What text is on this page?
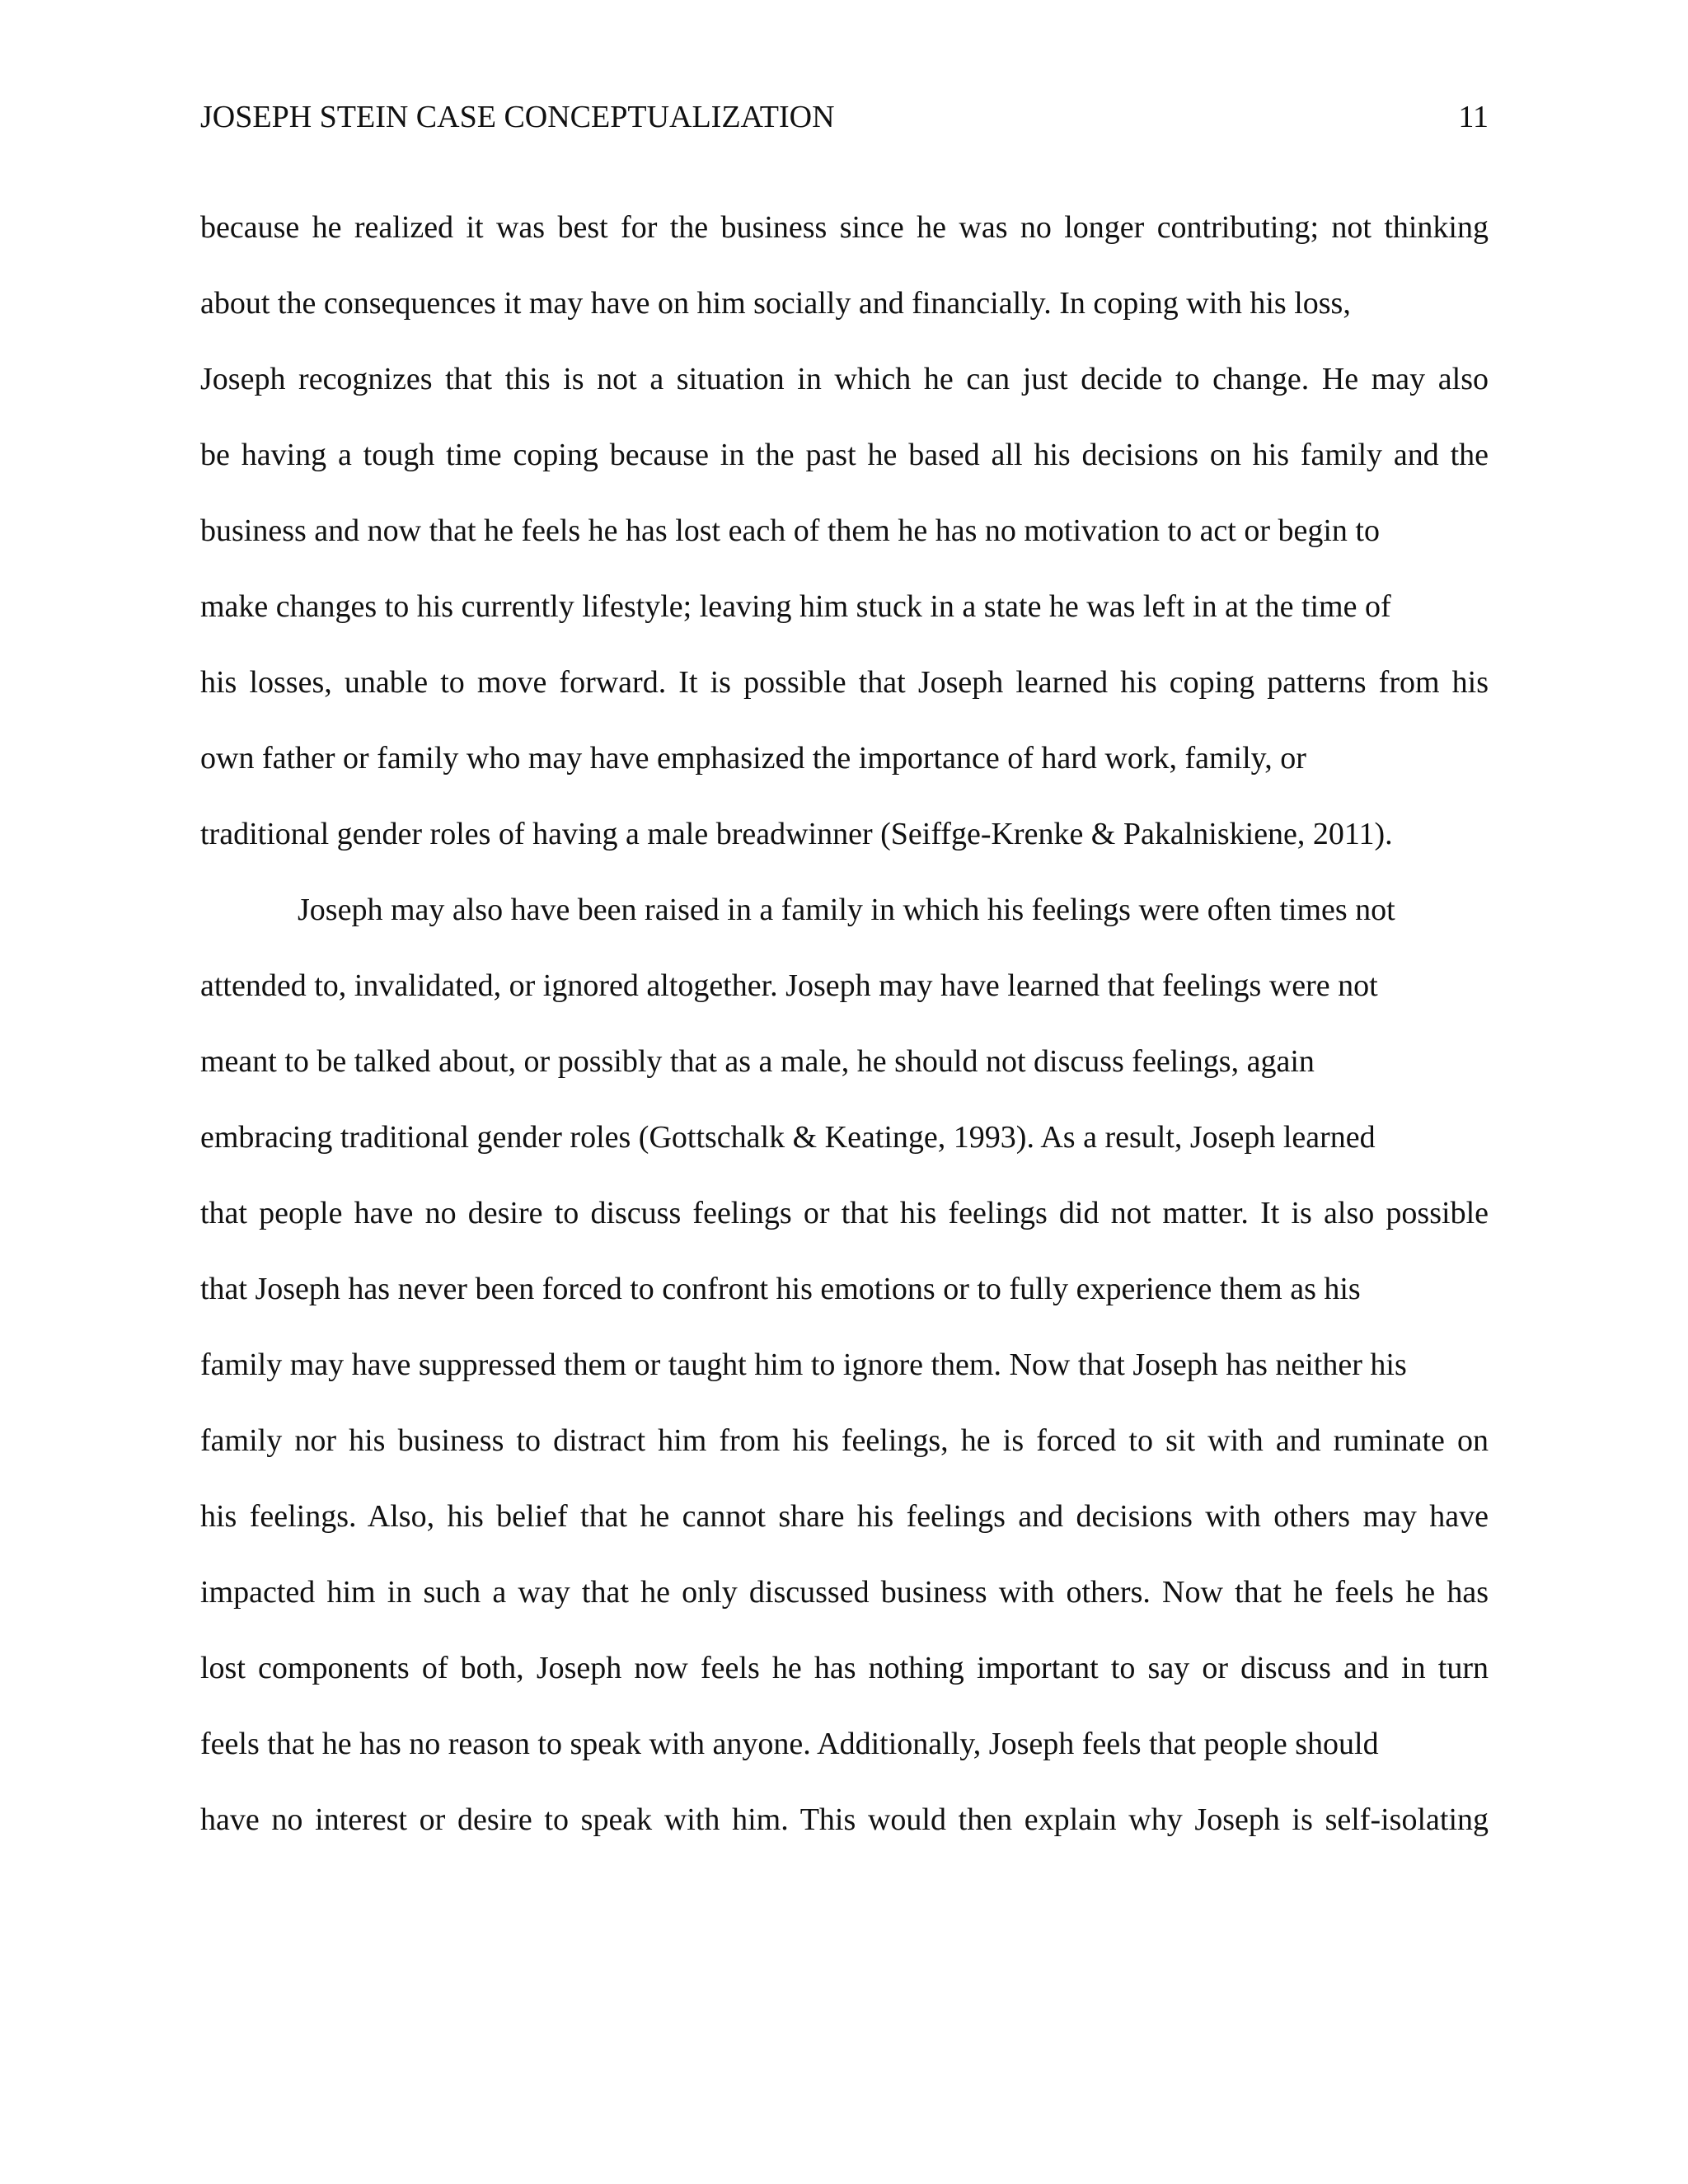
JOSEPH STEIN CASE CONCEPTUALIZATION	11
because he realized it was best for the business since he was no longer contributing; not thinking
about the consequences it may have on him socially and financially. In coping with his loss,
Joseph recognizes that this is not a situation in which he can just decide to change. He may also
be having a tough time coping because in the past he based all his decisions on his family and the
business and now that he feels he has lost each of them he has no motivation to act or begin to
make changes to his currently lifestyle; leaving him stuck in a state he was left in at the time of
his losses, unable to move forward. It is possible that Joseph learned his coping patterns from his
own father or family who may have emphasized the importance of hard work, family, or
traditional gender roles of having a male breadwinner (Seiffge-Krenke & Pakalniskiene, 2011).
Joseph may also have been raised in a family in which his feelings were often times not
attended to, invalidated, or ignored altogether. Joseph may have learned that feelings were not
meant to be talked about, or possibly that as a male, he should not discuss feelings, again
embracing traditional gender roles (Gottschalk & Keatinge, 1993). As a result, Joseph learned
that people have no desire to discuss feelings or that his feelings did not matter. It is also possible
that Joseph has never been forced to confront his emotions or to fully experience them as his
family may have suppressed them or taught him to ignore them. Now that Joseph has neither his
family nor his business to distract him from his feelings, he is forced to sit with and ruminate on
his feelings. Also, his belief that he cannot share his feelings and decisions with others may have
impacted him in such a way that he only discussed business with others. Now that he feels he has
lost components of both, Joseph now feels he has nothing important to say or discuss and in turn
feels that he has no reason to speak with anyone. Additionally, Joseph feels that people should
have no interest or desire to speak with him. This would then explain why Joseph is self-isolating
